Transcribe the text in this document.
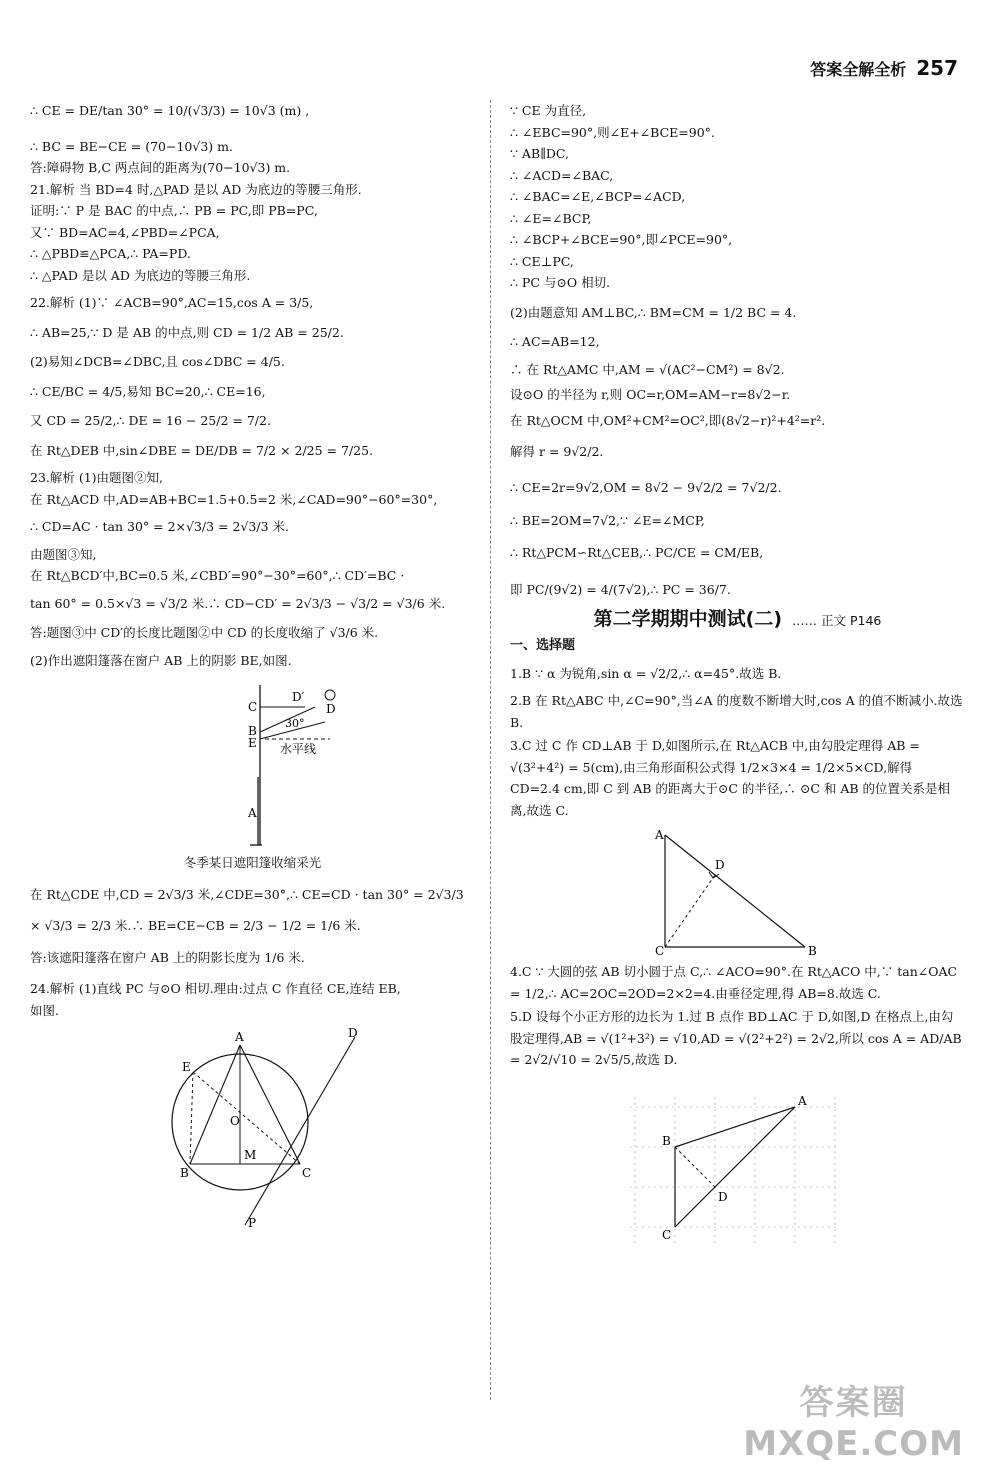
答案全解全析 257
∴ CE = DE/tan 30° = 10/(√3/3) = 10√3 (m) ,
∴ BC = BE−CE = (70−10√3) m.
答:障碍物 B,C 两点间的距离为(70−10√3) m.
21.解析 当 BD=4 时,△PAD 是以 AD 为底边的等腰三角形.
证明:∵ P 是 BAC 的中点,∴ PB = PC,即 PB=PC,
又∵ BD=AC=4,∠PBD=∠PCA,
∴ △PBD≌△PCA,∴ PA=PD.
∴ △PAD 是以 AD 为底边的等腰三角形.
22.解析 (1)∵ ∠ACB=90°,AC=15,cos A = 3/5,
∴ AB=25,∵ D 是 AB 的中点,则 CD = 1/2 AB = 25/2.
(2)易知∠DCB=∠DBC,且 cos∠DBC = 4/5.
∴ CE/BC = 4/5,易知 BC=20,∴ CE=16,
又 CD = 25/2,∴ DE = 16 − 25/2 = 7/2.
在 Rt△DEB 中,sin∠DBE = DE/DB = 7/2 × 2/25 = 7/25.
23.解析 (1)由题图②知,
在 Rt△ACD 中,AD=AB+BC=1.5+0.5=2 米,∠CAD=90°−60°=30°,
∴ CD=AC · tan 30° = 2×√3/3 = 2√3/3 米.
由题图③知,
在 Rt△BCD′中,BC=0.5 米,∠CBD′=90°−30°=60°,∴ CD′=BC ·
tan 60° = 0.5×√3 = √3/2 米.∴ CD−CD′ = 2√3/3 − √3/2 = √3/6 米.
答:题图③中 CD′的长度比题图②中 CD 的长度收缩了 √3/6 米.
(2)作出遮阳篷落在窗户 AB 上的阴影 BE,如图.
C
D′
D
30°
B
E 水平线
A
冬季某日遮阳篷收缩采光
在 Rt△CDE 中,CD = 2√3/3 米,∠CDE=30°,∴ CE=CD · tan 30° = 2√3/3
× √3/3 = 2/3 米.∴ BE=CE−CB = 2/3 − 1/2 = 1/6 米.
答:该遮阳篷落在窗户 AB 上的阴影长度为 1/6 米.
24.解析 (1)直线 PC 与⊙O 相切.理由:过点 C 作直径 CE,连结 EB,
如图.
A	D
E
O
M
B	C
P
∵ CE 为直径,
∴ ∠EBC=90°,则∠E+∠BCE=90°.
∵ AB∥DC,
∴ ∠ACD=∠BAC,
∴ ∠BAC=∠E,∠BCP=∠ACD,
∴ ∠E=∠BCP,
∴ ∠BCP+∠BCE=90°,即∠PCE=90°,
∴ CE⊥PC,
∴ PC 与⊙O 相切.
(2)由题意知 AM⊥BC,∴ BM=CM = 1/2 BC = 4.
∴ AC=AB=12,
∴ 在 Rt△AMC 中,AM = √(AC²−CM²) = 8√2.
设⊙O 的半径为 r,则 OC=r,OM=AM−r=8√2−r.
在 Rt△OCM 中,OM²+CM²=OC²,即(8√2−r)²+4²=r².
解得 r = 9√2/2.
∴ CE=2r=9√2,OM = 8√2 − 9√2/2 = 7√2/2.
∴ BE=2OM=7√2,∵ ∠E=∠MCP,
∴ Rt△PCM∽Rt△CEB,∴ PC/CE = CM/EB,
即 PC/(9√2) = 4/(7√2),∴ PC = 36/7.
第二学期期中测试(二) …… 正文 P146
一、选择题
1.B ∵ α 为锐角,sin α = √2/2,∴ α=45°.故选 B.
2.B 在 Rt△ABC 中,∠C=90°,当∠A 的度数不断增大时,cos A 的值不断减小.故选 B.
3.C 过 C 作 CD⊥AB 于 D,如图所示,在 Rt△ACB 中,由勾股定理得 AB = √(3²+4²) = 5(cm),由三角形面积公式得 1/2×3×4 = 1/2×5×CD,解得 CD=2.4 cm,即 C 到 AB 的距离大于⊙C 的半径,∴ ⊙C 和 AB 的位置关系是相离,故选 C.
A
D
C	B
4.C ∵ 大圆的弦 AB 切小圆于点 C,∴ ∠ACO=90°.在 Rt△ACO 中,∵ tan∠OAC = 1/2,∴ AC=2OC=2OD=2×2=4.由垂径定理,得 AB=8.故选 C.
5.D 设每个小正方形的边长为 1.过 B 点作 BD⊥AC 于 D,如图,D 在格点上,由勾股定理得,AB = √(1²+3²) = √10,AD = √(2²+2²) = 2√2,所以 cos A = AD/AB = 2√2/√10 = 2√5/5,故选 D.
A
B
D
C
答案圈
MXQE.COM
